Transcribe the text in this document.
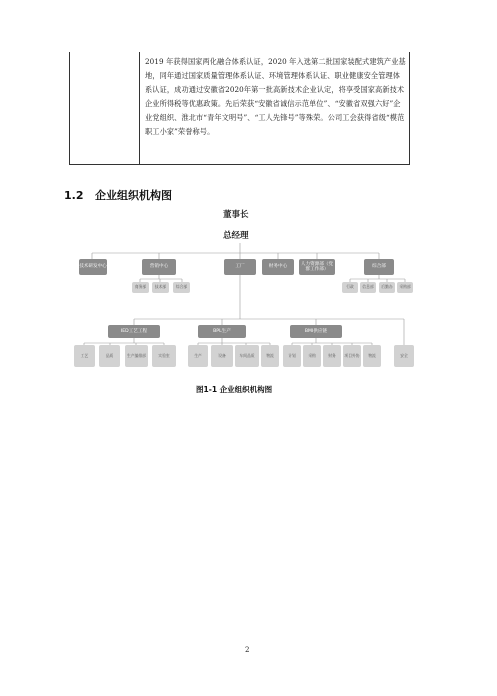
2019 年获得国家两化融合体系认证，2020 年入选第二批国家装配式建筑产业基地，同年通过国家质量管理体系认证、环境管理体系认证、职业健康安全管理体系认证，成功通过安徽省2020年第一批高新技术企业认定，将享受国家高新技术企业所得税等优惠政策。先后荣获“安徽省诚信示范单位”、“安徽省双强六好”企业党组织、淮北市“青年文明号”、“工人先锋号”等殊荣。公司工会获得省级“模范职工小家”荣誉称号。
1.2 企业组织机构图
董事长
总经理
技术研发中心	营销中心	工厂	财务中心
人力资源部（党群工作部）
综合部
商务部	技术部	综合部	行政	信息部	后勤办	采购部
IED工艺工程	BPL生产	BMI供应链
工艺	品质	生产编排部	实验室	生产	设备	车间品质	物流	计划	采购	财务	项目外协	物流	安全
图1-1 企业组织机构图
2
